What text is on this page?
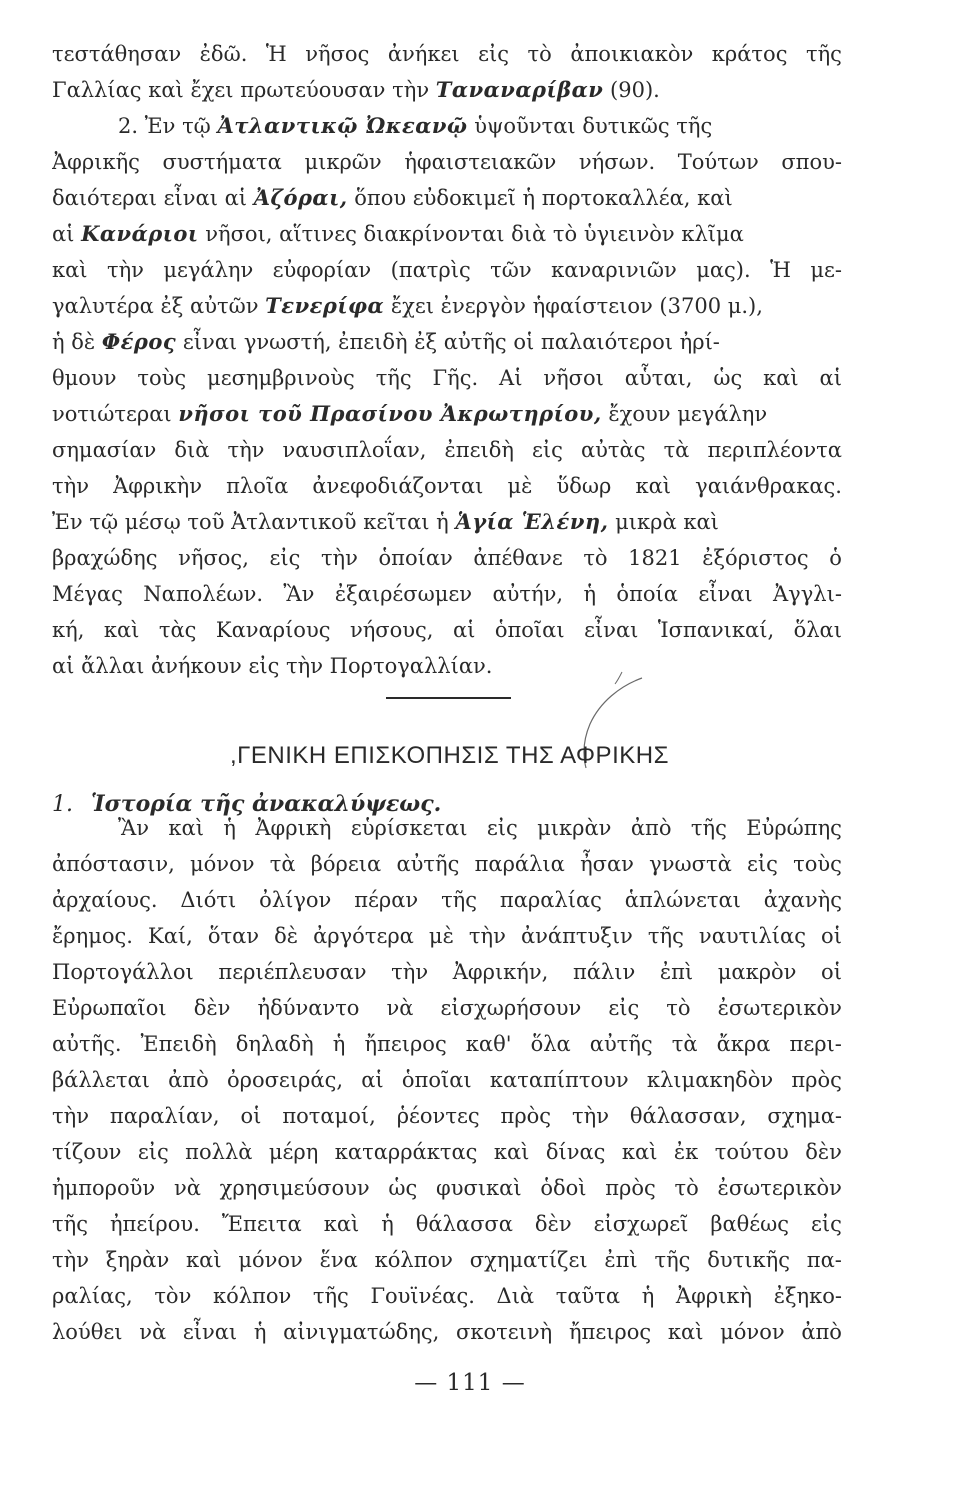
τεστάθησαν ἐδῶ. Ἡ νῆσος ἀνήκει εἰς τὸ ἀποικιακὸν κράτος τῆς
Γαλλίας καὶ ἔχει πρωτεύουσαν τὴν
Ταναναρίβαν
(90).
2. Ἐν τῷ
Ἀτλαντικῷ Ὠκεανῷ
ὑψοῦνται δυτικῶς τῆς
Ἀφρικῆς συστήματα μικρῶν ἡφαιστειακῶν νήσων. Τούτων σπου-
δαιότεραι εἶναι αἱ
Ἀζόραι,
ὅπου εὐδοκιμεῖ ἡ πορτοκαλλέα, καὶ
αἱ
Κανάριοι
νῆσοι, αἵτινες διακρίνονται διὰ τὸ ὑγιεινὸν κλῖμα
καὶ τὴν μεγάλην εὐφορίαν (πατρὶς τῶν καναρινιῶν μας). Ἡ με-
γαλυτέρα ἐξ αὐτῶν
Τενερίφα
ἔχει ἐνεργὸν ἡφαίστειον (3700 μ.),
ἡ δὲ
Φέρος
εἶναι γνωστή, ἐπειδὴ ἐξ αὐτῆς οἱ παλαιότεροι ἠρί-
θμουν τοὺς μεσημβρινοὺς τῆς Γῆς. Αἱ νῆσοι αὗται, ὡς καὶ αἱ
νοτιώτεραι
νῆσοι τοῦ Πρασίνου Ἀκρωτηρίου,
ἔχουν μεγάλην
σημασίαν διὰ τὴν ναυσιπλοΐαν, ἐπειδὴ εἰς αὐτὰς τὰ περιπλέοντα
τὴν Ἀφρικὴν πλοῖα ἀνεφοδιάζονται μὲ ὕδωρ καὶ γαιάνθρακας.
Ἐν τῷ μέσῳ τοῦ Ἀτλαντικοῦ κεῖται ἡ
Ἁγία Ἑλένη,
μικρὰ καὶ
βραχώδης νῆσος, εἰς τὴν ὁποίαν ἀπέθανε τὸ 1821 ἐξόριστος ὁ
Μέγας Ναπολέων. Ἂν ἐξαιρέσωμεν αὐτήν, ἡ ὁποία εἶναι Ἀγγλι-
κή, καὶ τὰς Καναρίους νήσους, αἱ ὁποῖαι εἶναι Ἱσπανικαί, ὅλαι
αἱ ἄλλαι ἀνήκουν εἰς τὴν Πορτογαλλίαν.
,ΓΕΝΙΚΗ ΕΠΙΣΚΟΠΗΣΙΣ ΤΗΣ ΑΦΡΙΚΗΣ
1. Ἱστορία τῆς ἀνακαλύψεως.
Ἂν καὶ ἡ Ἀφρικὴ εὑρίσκεται εἰς μικρὰν ἀπὸ τῆς Εὐρώπης
ἀπόστασιν, μόνον τὰ βόρεια αὐτῆς παράλια ἦσαν γνωστὰ εἰς τοὺς
ἀρχαίους. Διότι ὀλίγον πέραν τῆς παραλίας ἁπλώνεται ἀχανὴς
ἔρημος. Καί, ὅταν δὲ ἀργότερα μὲ τὴν ἀνάπτυξιν τῆς ναυτιλίας οἱ
Πορτογάλλοι περιέπλευσαν τὴν Ἀφρικήν, πάλιν ἐπὶ μακρὸν οἱ
Εὐρωπαῖοι δὲν ἠδύναντο νὰ εἰσχωρήσουν εἰς τὸ ἐσωτερικὸν
αὐτῆς. Ἐπειδὴ δηλαδὴ ἡ ἤπειρος καθ' ὅλα αὐτῆς τὰ ἄκρα περι-
βάλλεται ἀπὸ ὀροσειράς, αἱ ὁποῖαι καταπίπτουν κλιμακηδὸν πρὸς
τὴν παραλίαν, οἱ ποταμοί, ῥέοντες πρὸς τὴν θάλασσαν, σχημα-
τίζουν εἰς πολλὰ μέρη καταρράκτας καὶ δίνας καὶ ἐκ τούτου δὲν
ἠμποροῦν νὰ χρησιμεύσουν ὡς φυσικαὶ ὁδοὶ πρὸς τὸ ἐσωτερικὸν
τῆς ἠπείρου. Ἔπειτα καὶ ἡ θάλασσα δὲν εἰσχωρεῖ βαθέως εἰς
τὴν ξηρὰν καὶ μόνον ἕνα κόλπον σχηματίζει ἐπὶ τῆς δυτικῆς πα-
ραλίας, τὸν κόλπον τῆς Γουϊνέας. Διὰ ταῦτα ἡ Ἀφρικὴ ἐξηκο-
λούθει νὰ εἶναι ἡ αἰνιγματώδης, σκοτεινὴ ἤπειρος καὶ μόνον ἀπὸ
— 111 —
